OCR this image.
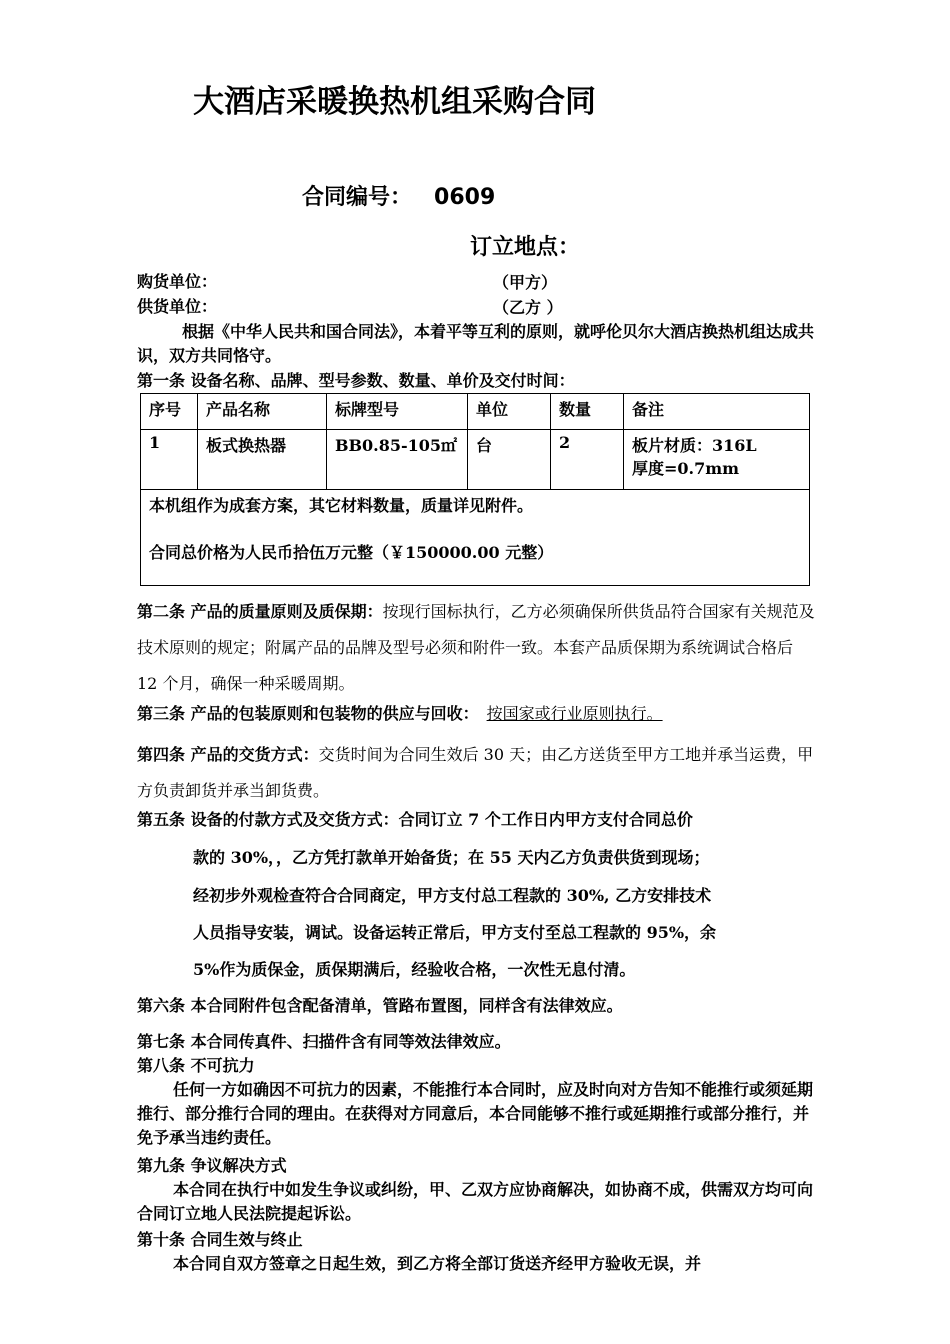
大酒店采暖换热机组采购合同
合同编号： 0609
订立地点：
购货单位：	（甲方）
供货单位：	（乙方 ）
根据《中华人民共和国合同法》，本着平等互利的原则，就呼伦贝尔大酒店换热机组达成共识，双方共同恪守。
第一条 设备名称、品牌、型号参数、数量、单价及交付时间：
序号	产品名称	标牌型号	单位	数量	备注
1	板式换热器	BB0.85-105㎡	台	2	板片材质：316L
厚度=0.7mm

本机组作为成套方案，其它材料数量，质量详见附件。
合同总价格为人民币拾伍万元整（￥150000.00 元整）					
第二条 产品的质量原则及质保期：按现行国标执行，乙方必须确保所供货品符合国家有关规范及技术原则的规定；附属产品的品牌及型号必须和附件一致。本套产品质保期为系统调试合格后 12 个月，确保一种采暖周期。
第三条 产品的包装原则和包装物的供应与回收： 按国家或行业原则执行。
第四条 产品的交货方式：交货时间为合同生效后 30 天；由乙方送货至甲方工地并承当运费，甲方负责卸货并承当卸货费。
第五条 设备的付款方式及交货方式：合同订立 7 个工作日内甲方支付合同总价
款的 30%，，乙方凭打款单开始备货；在 55 天内乙方负责供货到现场；
经初步外观检查符合合同商定，甲方支付总工程款的 30%, 乙方安排技术
人员指导安装，调试。设备运转正常后，甲方支付至总工程款的 95%，余
5%作为质保金，质保期满后，经验收合格，一次性无息付清。
第六条 本合同附件包含配备清单，管路布置图，同样含有法律效应。
第七条 本合同传真件、扫描件含有同等效法律效应。
第八条 不可抗力
任何一方如确因不可抗力的因素，不能推行本合同时，应及时向对方告知不能推行或须延期推行、部分推行合同的理由。在获得对方同意后，本合同能够不推行或延期推行或部分推行，并免予承当违约责任。
第九条 争议解决方式
本合同在执行中如发生争议或纠纷，甲、乙双方应协商解决，如协商不成，供需双方均可向合同订立地人民法院提起诉讼。
第十条 合同生效与终止
本合同自双方签章之日起生效，到乙方将全部订货送齐经甲方验收无误，并
